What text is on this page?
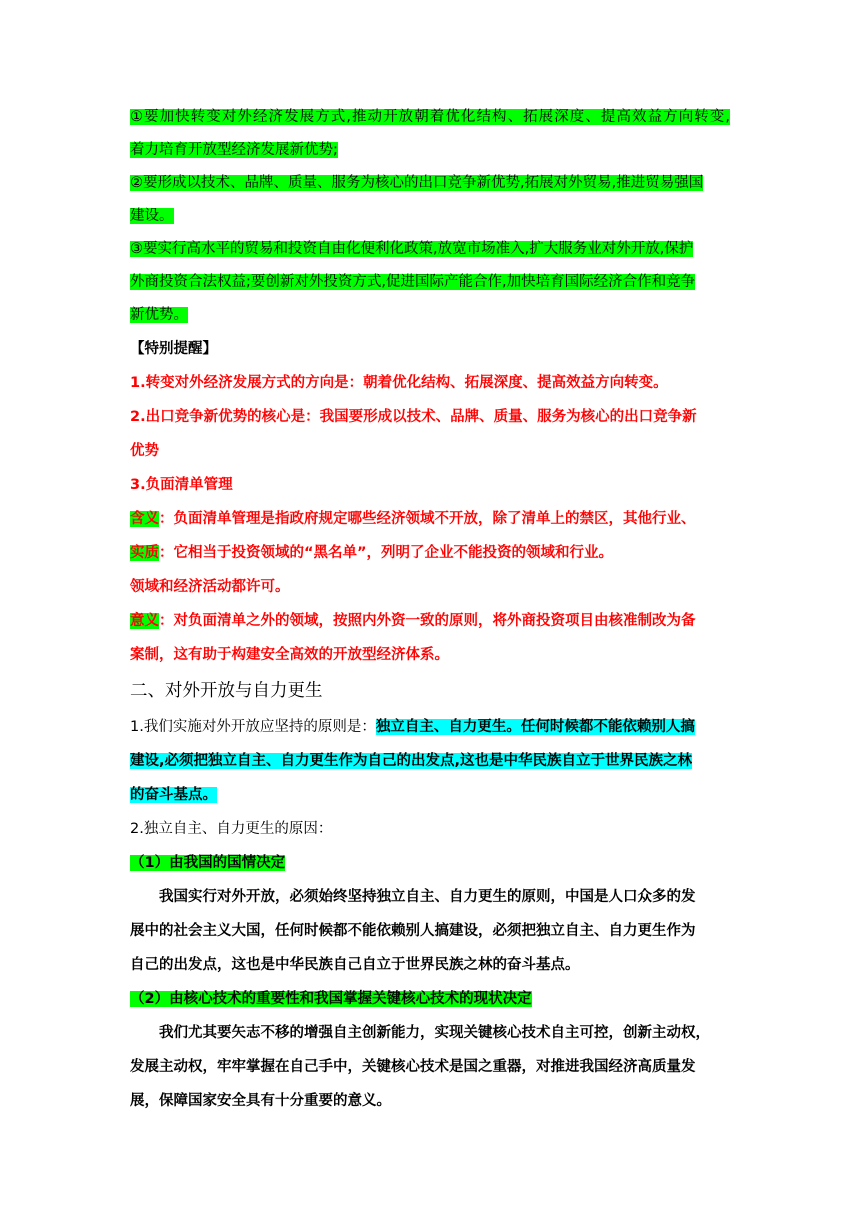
①要加快转变对外经济发展方式,推动开放朝着优化结构、拓展深度、提高效益方向转变,
着力培育开放型经济发展新优势;
②要形成以技术、品牌、质量、服务为核心的出口竞争新优势,拓展对外贸易,推进贸易强国
建设。
③要实行高水平的贸易和投资自由化便利化政策,放宽市场准入,扩大服务业对外开放,保护
外商投资合法权益;要创新对外投资方式,促进国际产能合作,加快培育国际经济合作和竞争
新优势。
【特别提醒】
1.转变对外经济发展方式的方向是：朝着优化结构、拓展深度、提高效益方向转变。
2.出口竞争新优势的核心是：我国要形成以技术、品牌、质量、服务为核心的出口竞争新
优势
3.负面清单管理
含义：负面清单管理是指政府规定哪些经济领域不开放，除了清单上的禁区，其他行业、
实质：它相当于投资领域的“黑名单”，列明了企业不能投资的领域和行业。
领域和经济活动都许可。
意义：对负面清单之外的领域，按照内外资一致的原则，将外商投资项目由核准制改为备
案制，这有助于构建安全高效的开放型经济体系。
二、对外开放与自力更生
1.我们实施对外开放应坚持的原则是：独立自主、自力更生。任何时候都不能依赖别人搞
建设,必须把独立自主、自力更生作为自己的出发点,这也是中华民族自立于世界民族之林
的奋斗基点。
2.独立自主、自力更生的原因：
（1）由我国的国情决定
我国实行对外开放，必须始终坚持独立自主、自力更生的原则，中国是人口众多的发
展中的社会主义大国，任何时候都不能依赖别人搞建设，必须把独立自主、自力更生作为
自己的出发点，这也是中华民族自己自立于世界民族之林的奋斗基点。
（2）由核心技术的重要性和我国掌握关键核心技术的现状决定
我们尤其要矢志不移的增强自主创新能力，实现关键核心技术自主可控，创新主动权，
发展主动权，牢牢掌握在自己手中，关键核心技术是国之重器，对推进我国经济高质量发
展，保障国家安全具有十分重要的意义。
